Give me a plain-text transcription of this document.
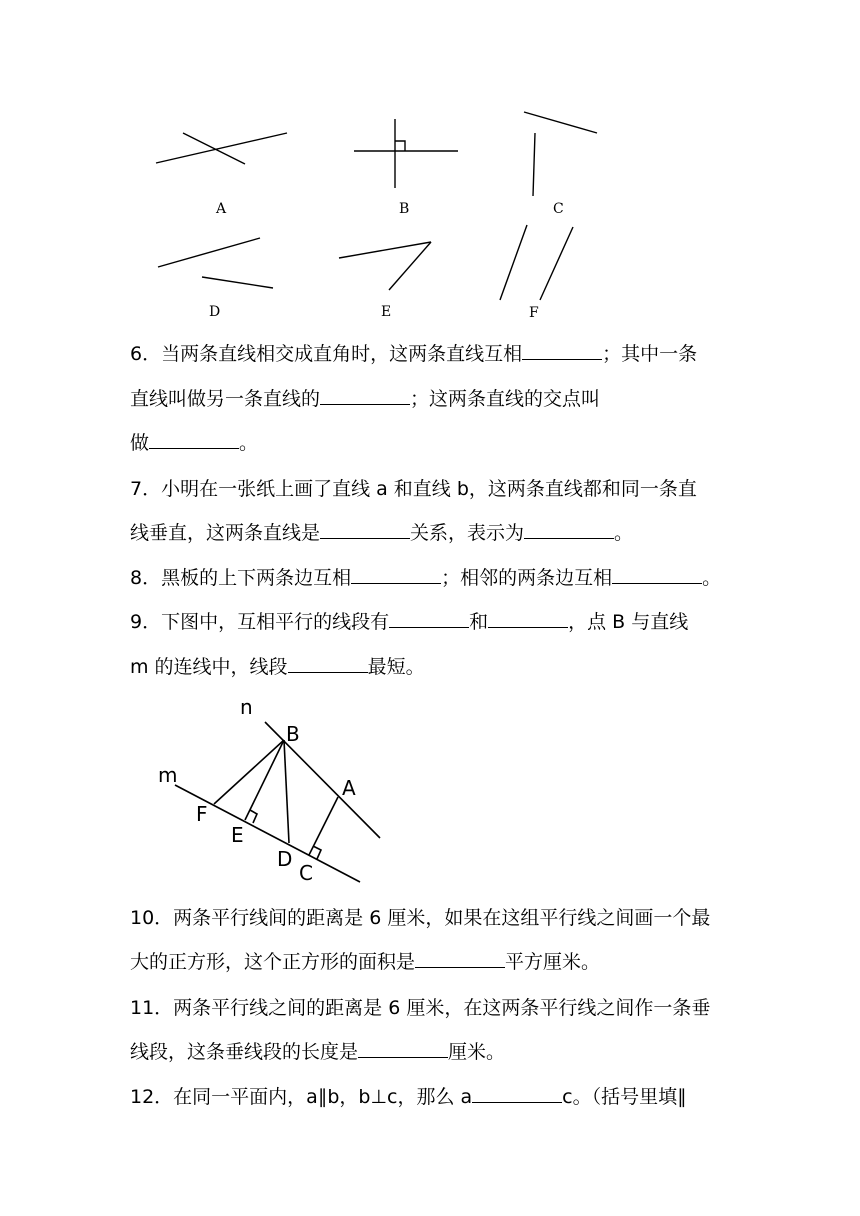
A	B	C
D	E	F
6．当两条直线相交成直角时，这两条直线互相	；其中一条
直线叫做另一条直线的	；这两条直线的交点叫
做	。
7．小明在一张纸上画了直线 a 和直线 b，这两条直线都和同一条直
线垂直，这两条直线是	关系，表示为	。
8．黑板的上下两条边互相	；相邻的两条边互相	。
9．下图中，互相平行的线段有	和	，点 B 与直线
m 的连线中，线段	最短。
n
B
m
A
F
E
D
C
10．两条平行线间的距离是 6 厘米，如果在这组平行线之间画一个最
大的正方形，这个正方形的面积是	平方厘米。
11．两条平行线之间的距离是 6 厘米，在这两条平行线之间作一条垂
线段，这条垂线段的长度是	厘米。
12．在同一平面内，a∥b，b⊥c，那么 a	c。（括号里填∥
